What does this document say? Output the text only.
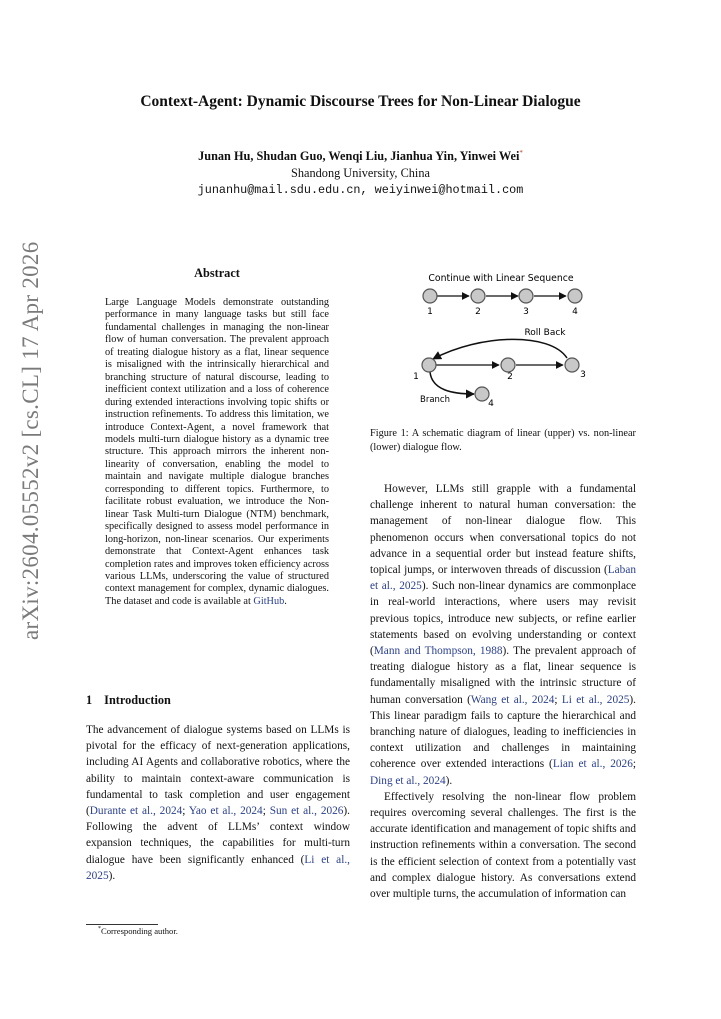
arXiv:2604.05552v2 [cs.CL] 17 Apr 2026
Context-Agent: Dynamic Discourse Trees for Non-Linear Dialogue
Junan Hu, Shudan Guo, Wenqi Liu, Jianhua Yin, Yinwei Wei*
Shandong University, China
junanhu@mail.sdu.edu.cn, weiyinwei@hotmail.com
Abstract
Large Language Models demonstrate outstanding performance in many language tasks but still face fundamental challenges in managing the non-linear flow of human conversation. The prevalent approach of treating dialogue history as a flat, linear sequence is misaligned with the intrinsically hierarchical and branching structure of natural discourse, leading to inefficient context utilization and a loss of coherence during extended interactions involving topic shifts or instruction refinements. To address this limitation, we introduce Context-Agent, a novel framework that models multi-turn dialogue history as a dynamic tree structure. This approach mirrors the inherent non-linearity of conversation, enabling the model to maintain and navigate multiple dialogue branches corresponding to different topics. Furthermore, to facilitate robust evaluation, we introduce the Non-linear Task Multi-turn Dialogue (NTM) benchmark, specifically designed to assess model performance in long-horizon, non-linear scenarios. Our experiments demonstrate that Context-Agent enhances task completion rates and improves token efficiency across various LLMs, underscoring the value of structured context management for complex, dynamic dialogues. The dataset and code is available at GitHub.
1 Introduction

The advancement of dialogue systems based on LLMs is pivotal for the efficacy of next-generation applications, including AI Agents and collaborative robotics, where the ability to maintain context-aware communication is fundamental to task completion and user engagement (Durante et al., 2024; Yao et al., 2024; Sun et al., 2026). Following the advent of LLMs’ context window expansion techniques, the capabilities for multi-turn dialogue have been significantly enhanced (Li et al., 2025).

*Corresponding author.
Continue with Linear Sequence
1	2	3	4
Roll Back
1	2	3
4
Branch
Figure 1: A schematic diagram of linear (upper) vs. non-linear (lower) dialogue flow.

However, LLMs still grapple with a fundamental challenge inherent to natural human conversation: the management of non-linear dialogue flow. This phenomenon occurs when conversational topics do not advance in a sequential order but instead feature shifts, topical jumps, or interwoven threads of discussion (Laban et al., 2025). Such non-linear dynamics are commonplace in real-world interactions, where users may revisit previous topics, introduce new subjects, or refine earlier statements based on evolving understanding or context (Mann and Thompson, 1988). The prevalent approach of treating dialogue history as a flat, linear sequence is fundamentally misaligned with the intrinsic structure of human conversation (Wang et al., 2024; Li et al., 2025). This linear paradigm fails to capture the hierarchical and branching nature of dialogues, leading to inefficiencies in context utilization and challenges in maintaining coherence over extended interactions (Lian et al., 2026; Ding et al., 2024).

Effectively resolving the non-linear flow problem requires overcoming several challenges. The first is the accurate identification and management of topic shifts and instruction refinements within a conversation. The second is the efficient selection of context from a potentially vast and complex dialogue history. As conversations extend over multiple turns, the accumulation of information can
